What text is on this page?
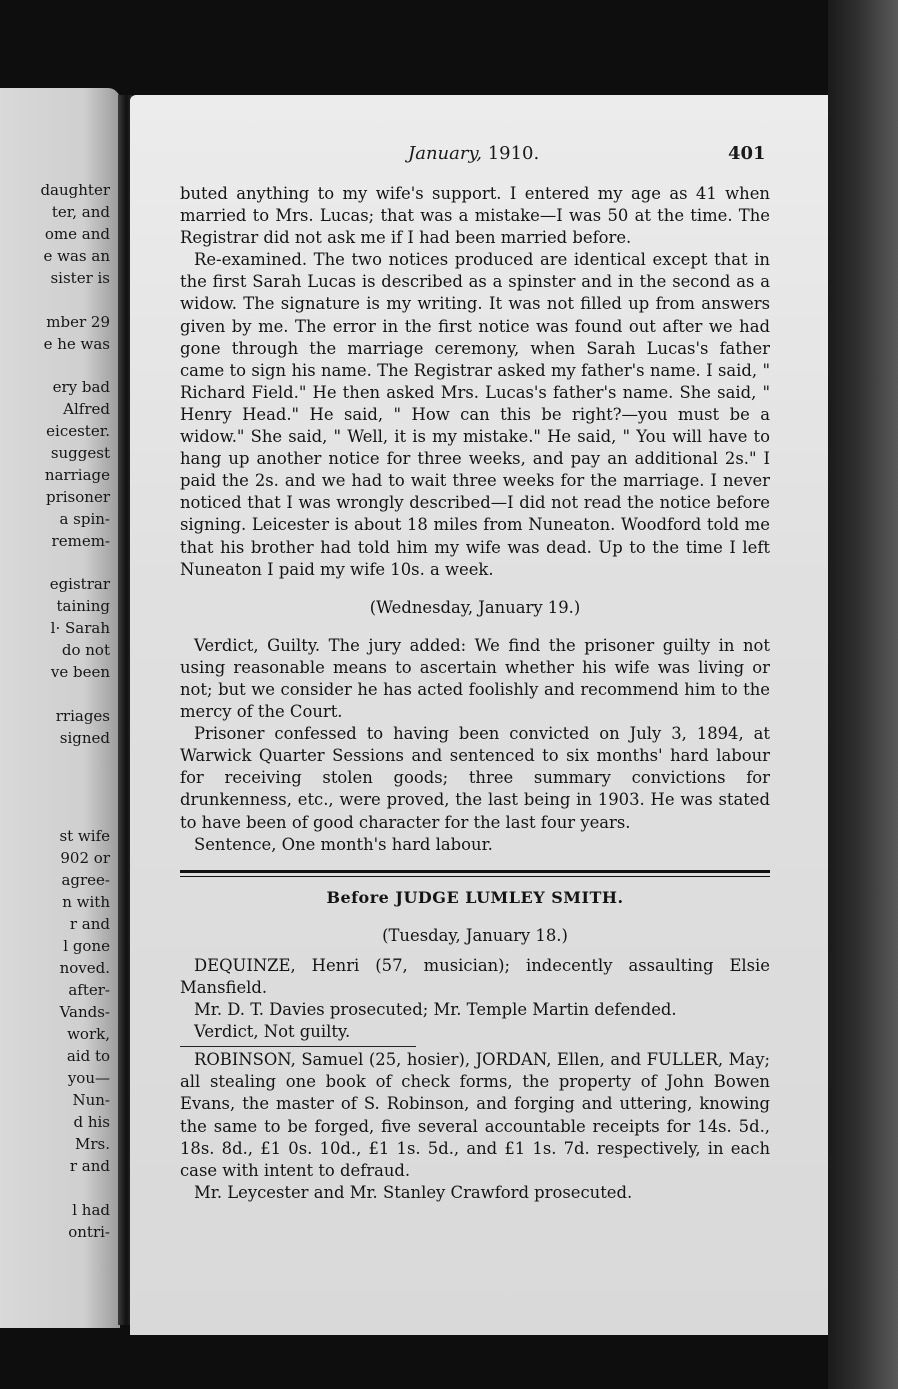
daughter
ter, and
ome and
e was an
sister is
mber 29
e he was
ery bad
Alfred
eicester.
suggest
narriage
prisoner
a spin-
remem-
egistrar
taining
l· Sarah
do not
ve been
rriages
signed
st wife
902 or
agree-
n with
r and
l gone
noved.
after-
Vands-
work,
aid to
you—
Nun-
d his
Mrs.
r and
l had
ontri-
January, 1910.	401

buted anything to my wife's support. I entered my age as 41 when married to Mrs. Lucas; that was a mistake—I was 50 at the time. The Registrar did not ask me if I had been married before.

Re-examined. The two notices produced are identical except that in the first Sarah Lucas is described as a spinster and in the second as a widow. The signature is my writing. It was not filled up from answers given by me. The error in the first notice was found out after we had gone through the marriage ceremony, when Sarah Lucas's father came to sign his name. The Registrar asked my father's name. I said, " Richard Field." He then asked Mrs. Lucas's father's name. She said, " Henry Head." He said, " How can this be right?—you must be a widow." She said, " Well, it is my mistake." He said, " You will have to hang up another notice for three weeks, and pay an additional 2s." I paid the 2s. and we had to wait three weeks for the marriage. I never noticed that I was wrongly described—I did not read the notice before signing. Leicester is about 18 miles from Nuneaton. Woodford told me that his brother had told him my wife was dead. Up to the time I left Nuneaton I paid my wife 10s. a week.

(Wednesday, January 19.)

Verdict, Guilty. The jury added: We find the prisoner guilty in not using reasonable means to ascertain whether his wife was living or not; but we consider he has acted foolishly and recommend him to the mercy of the Court.

Prisoner confessed to having been convicted on July 3, 1894, at Warwick Quarter Sessions and sentenced to six months' hard labour for receiving stolen goods; three summary convictions for drunkenness, etc., were proved, the last being in 1903. He was stated to have been of good character for the last four years.

Sentence, One month's hard labour.

Before JUDGE LUMLEY SMITH.

(Tuesday, January 18.)

DEQUINZE, Henri (57, musician); indecently assaulting Elsie Mansfield.

Mr. D. T. Davies prosecuted; Mr. Temple Martin defended.

Verdict, Not guilty.

ROBINSON, Samuel (25, hosier), JORDAN, Ellen, and FULLER, May; all stealing one book of check forms, the property of John Bowen Evans, the master of S. Robinson, and forging and uttering, knowing the same to be forged, five several accountable receipts for 14s. 5d., 18s. 8d., £1 0s. 10d., £1 1s. 5d., and £1 1s. 7d. respectively, in each case with intent to defraud.

Mr. Leycester and Mr. Stanley Crawford prosecuted.
